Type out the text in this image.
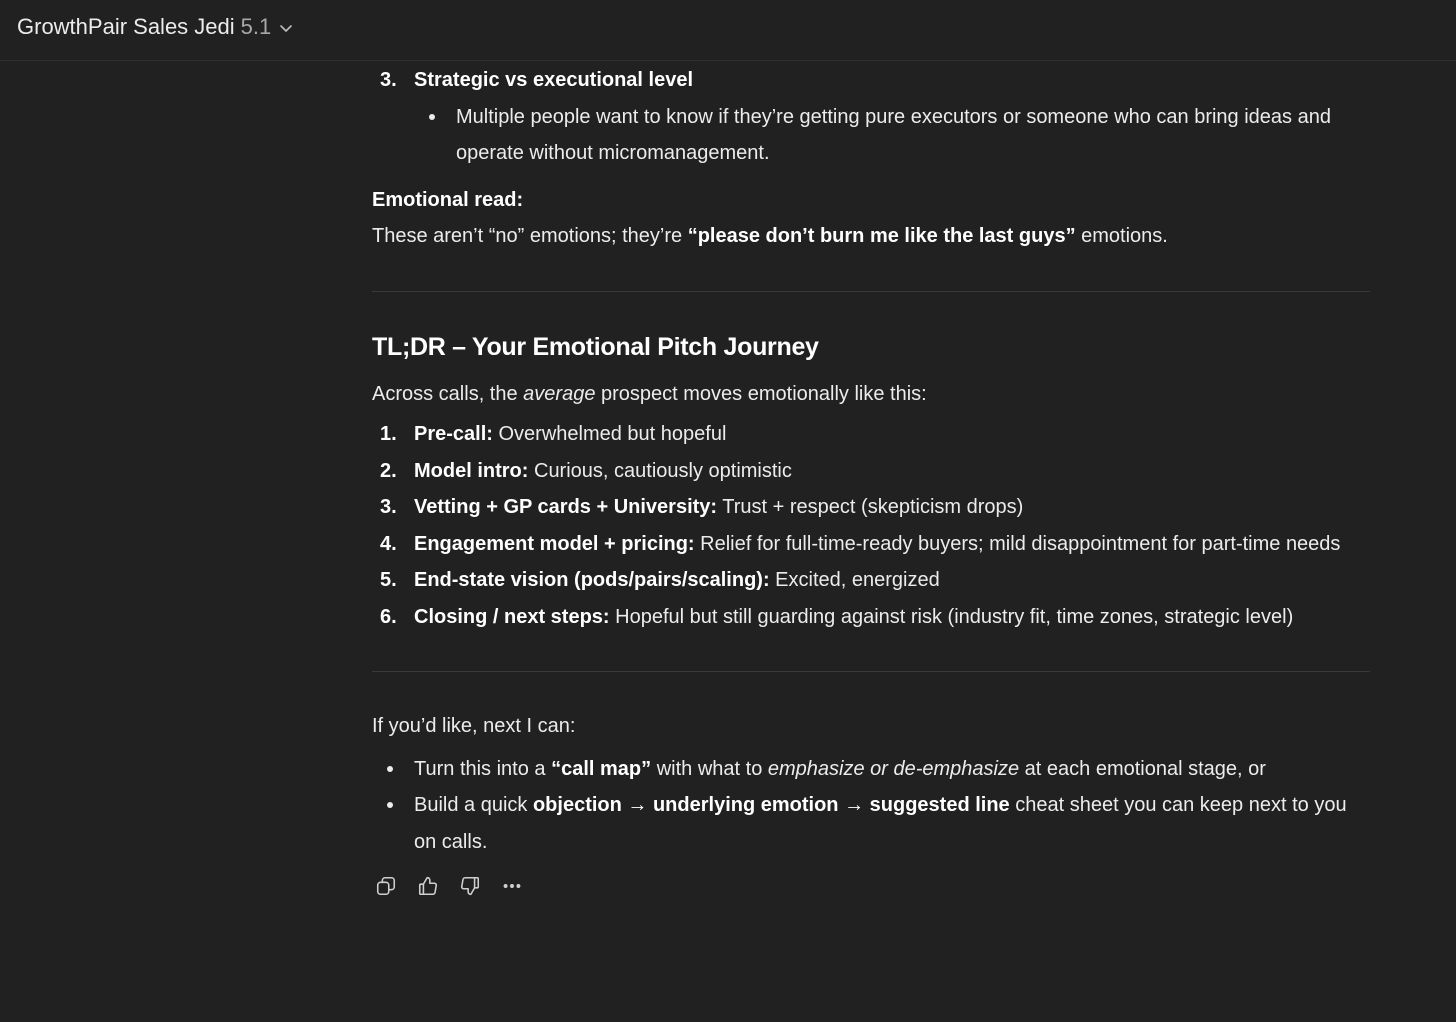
GrowthPair Sales Jedi 5.1
3. Strategic vs executional level
Multiple people want to know if they’re getting pure executors or someone who can bring ideas and operate without micromanagement.

Emotional read:

These aren’t “no” emotions; they’re “please don’t burn me like the last guys” emotions.

TL;DR – Your Emotional Pitch Journey

Across calls, the average prospect moves emotionally like this:

1. Pre-call: Overwhelmed but hopeful
2. Model intro: Curious, cautiously optimistic
3. Vetting + GP cards + University: Trust + respect (skepticism drops)
4. Engagement model + pricing: Relief for full-time-ready buyers; mild disappointment for part-time needs
5. End-state vision (pods/pairs/scaling): Excited, energized
6. Closing / next steps: Hopeful but still guarding against risk (industry fit, time zones, strategic level)

If you’d like, next I can:

Turn this into a “call map” with what to emphasize or de-emphasize at each emotional stage, or
Build a quick objection → underlying emotion → suggested line cheat sheet you can keep next to you on calls.
